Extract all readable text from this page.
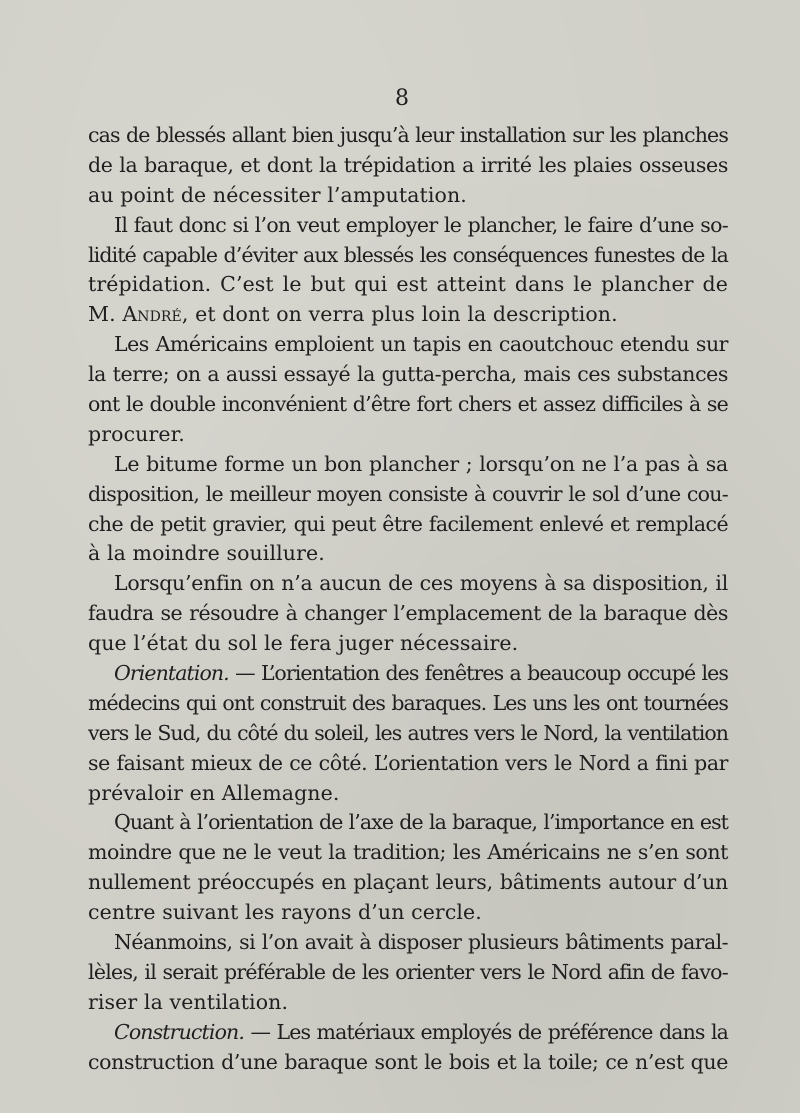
8
cas de blessés allant bien jusqu’à leur installation sur les planches
de la baraque, et dont la trépidation a irrité les plaies osseuses
au point de nécessiter l’amputation.
Il faut donc si l’on veut employer le plancher, le faire d’une so-
lidité capable d’éviter aux blessés les conséquences funestes de la
trépidation. C’est le but qui est atteint dans le plancher de
M. André, et dont on verra plus loin la description.
Les Américains emploient un tapis en caoutchouc etendu sur
la terre; on a aussi essayé la gutta-percha, mais ces substances
ont le double inconvénient d’être fort chers et assez difficiles à se
procurer.
Le bitume forme un bon plancher ; lorsqu’on ne l’a pas à sa
disposition, le meilleur moyen consiste à couvrir le sol d’une cou-
che de petit gravier, qui peut être facilement enlevé et remplacé
à la moindre souillure.
Lorsqu’enfin on n’a aucun de ces moyens à sa disposition, il
faudra se résoudre à changer l’emplacement de la baraque dès
que l’état du sol le fera juger nécessaire.
Orientation. — L’orientation des fenêtres a beaucoup occupé les
médecins qui ont construit des baraques. Les uns les ont tournées
vers le Sud, du côté du soleil, les autres vers le Nord, la ventilation
se faisant mieux de ce côté. L’orientation vers le Nord a fini par
prévaloir en Allemagne.
Quant à l’orientation de l’axe de la baraque, l’importance en est
moindre que ne le veut la tradition; les Américains ne s’en sont
nullement préoccupés en plaçant leurs, bâtiments autour d’un
centre suivant les rayons d’un cercle.
Néanmoins, si l’on avait à disposer plusieurs bâtiments paral-
lèles, il serait préférable de les orienter vers le Nord afin de favo-
riser la ventilation.
Construction. — Les matériaux employés de préférence dans la
construction d’une baraque sont le bois et la toile; ce n’est que
